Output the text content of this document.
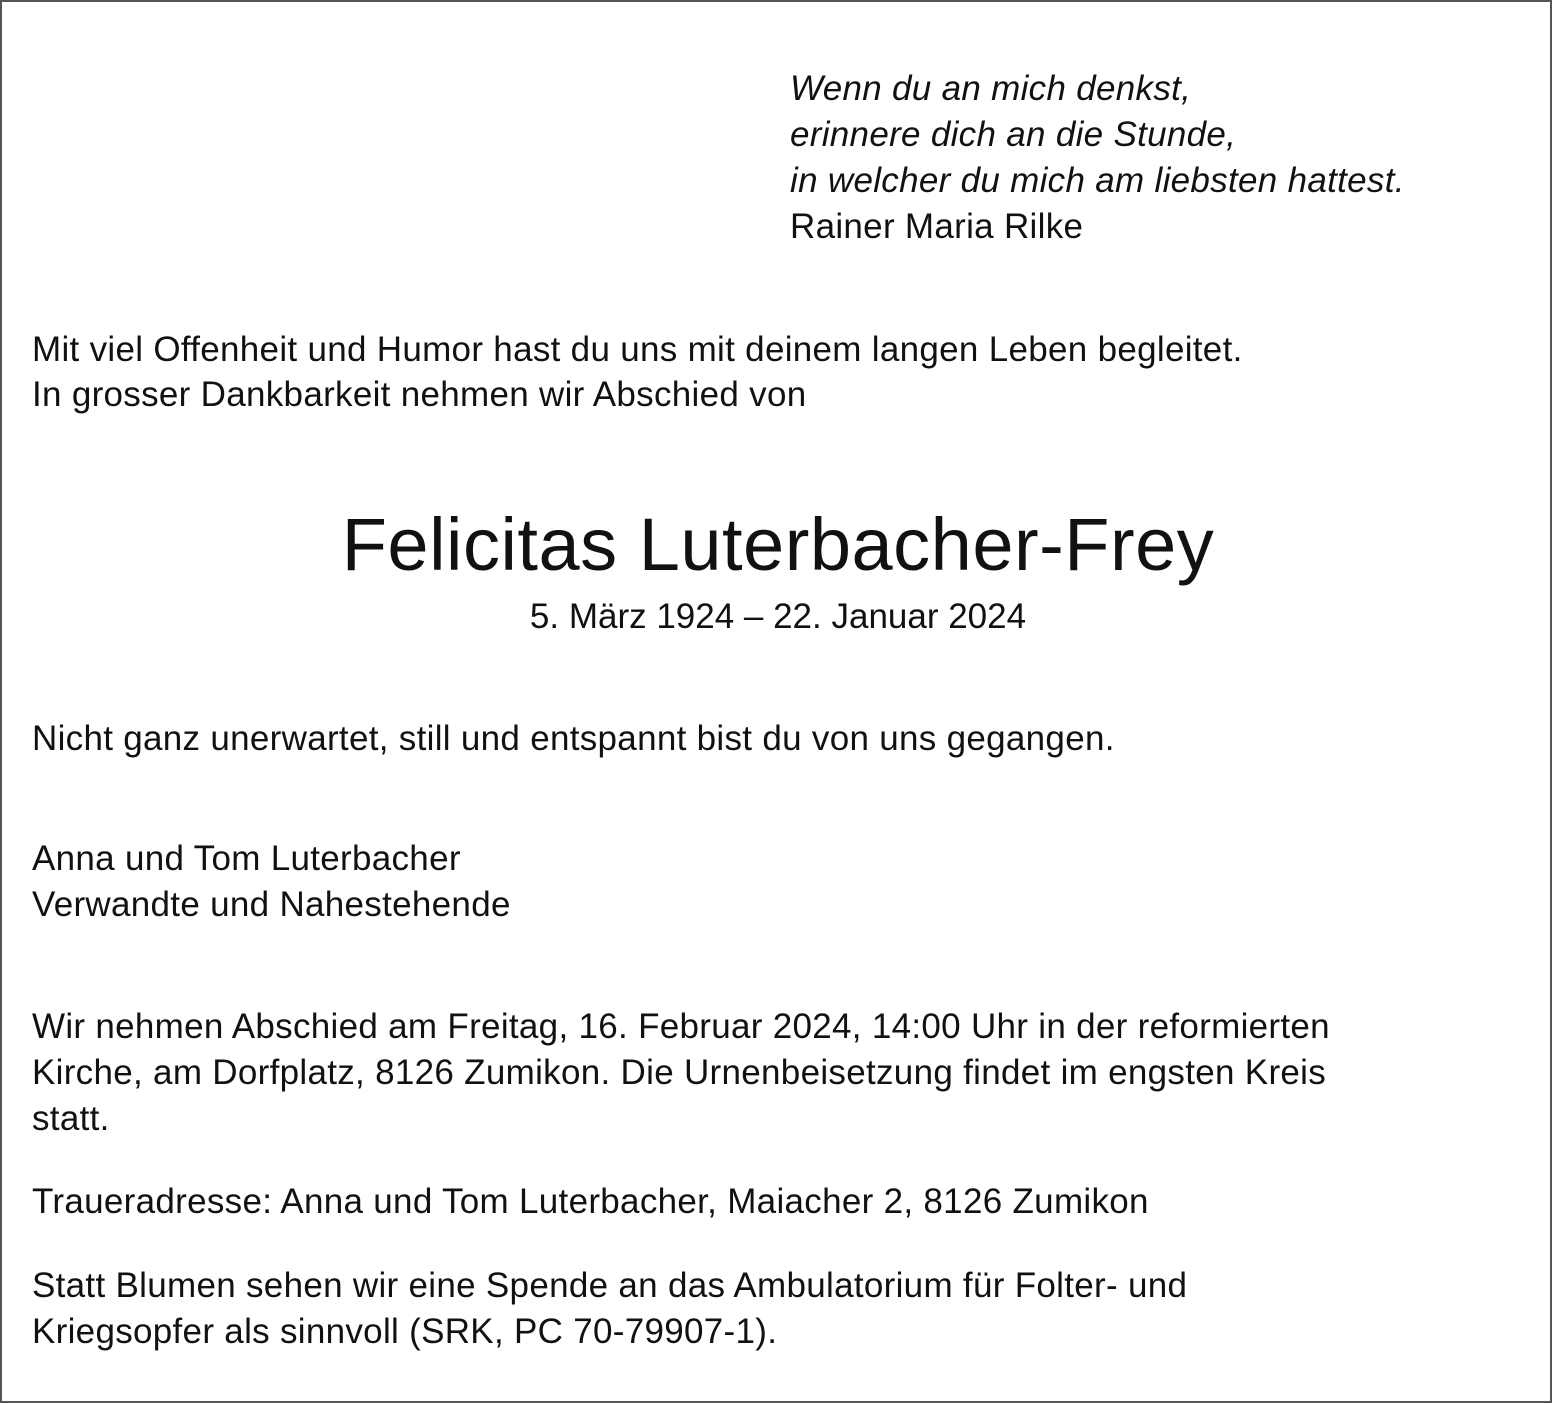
Wenn du an mich denkst,
erinnere dich an die Stunde,
in welcher du mich am liebsten hattest.
Rainer Maria Rilke
Mit viel Offenheit und Humor hast du uns mit deinem langen Leben begleitet.
In grosser Dankbarkeit nehmen wir Abschied von
Felicitas Luterbacher-Frey
5. März 1924 – 22. Januar 2024
Nicht ganz unerwartet, still und entspannt bist du von uns gegangen.
Anna und Tom Luterbacher
Verwandte und Nahestehende
Wir nehmen Abschied am Freitag, 16. Februar 2024, 14:00 Uhr in der reformierten
Kirche, am Dorfplatz, 8126 Zumikon. Die Urnenbeisetzung findet im engsten Kreis
statt.
Traueradresse: Anna und Tom Luterbacher, Maiacher 2, 8126 Zumikon
Statt Blumen sehen wir eine Spende an das Ambulatorium für Folter- und
Kriegsopfer als sinnvoll (SRK, PC 70-79907-1).
